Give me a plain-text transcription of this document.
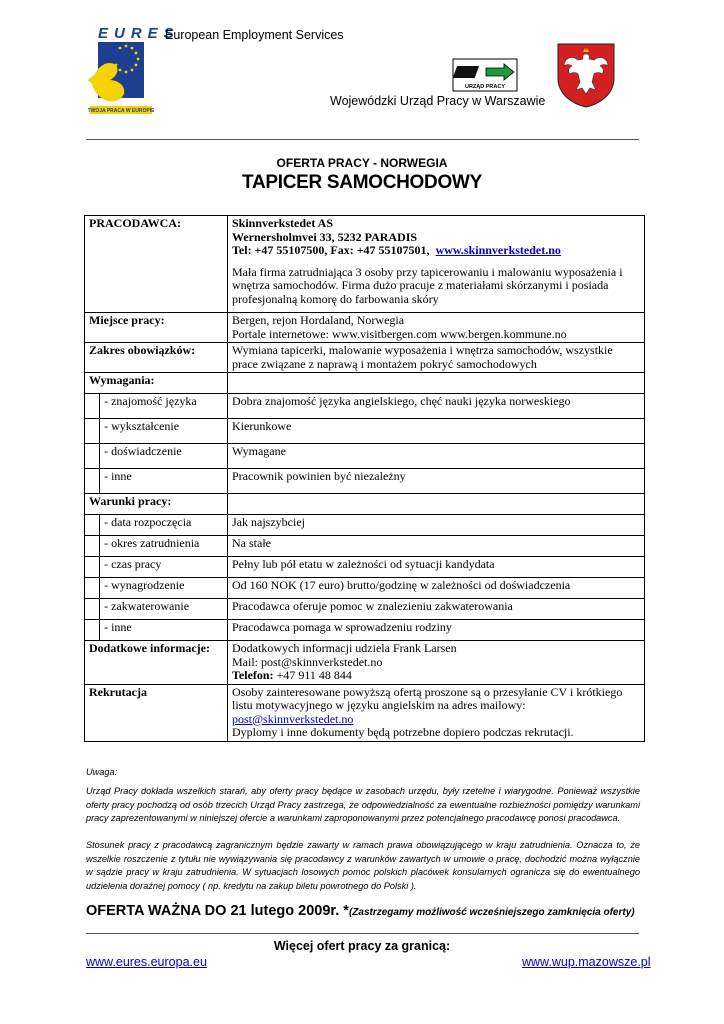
TWOJA PRACA W EUROPIE
EURES
European Employment Services
URZĄD PRACY
Wojewódzki Urząd Pracy w Warszawie
OFERTA PRACY - NORWEGIA
TAPICER SAMOCHODOWY
PRACODAWCA:		Skinnverkstedet AS
Wernersholmvei 33, 5232 PARADIS
Tel: +47 55107500, Fax: +47 55107501, www.skinnverkstedet.no
Mała firma zatrudniająca 3 osoby przy tapicerowaniu i malowaniu wyposażenia i wnętrza samochodów. Firma dużo pracuje z materiałami skórzanymi i posiada profesjonalną komorę do farbowania skóry

Miejsce pracy:		Bergen, rejon Hordaland, Norwegia
Portale internetowe: www.visitbergen.com www.bergen.kommune.no

Zakres obowiązków:		Wymiana tapicerki, malowanie wyposażenia i wnętrza samochodów, wszystkie prace związane z naprawą i montażem pokryć samochodowych
Wymagania:		
	- znajomość języka	Dobra znajomość języka angielskiego, chęć nauki języka norweskiego
	- wykształcenie	Kierunkowe
	- doświadczenie	Wymagane
	- inne	Pracownik powinien być niezależny
Warunki pracy:		
	- data rozpoczęcia	Jak najszybciej
	- okres zatrudnienia	Na stałe
	- czas pracy	Pełny lub pół etatu w zależności od sytuacji kandydata
	- wynagrodzenie	Od 160 NOK (17 euro) brutto/godzinę w zależności od doświadczenia
	- zakwaterowanie	Pracodawca oferuje pomoc w znalezieniu zakwaterowania
	- inne	Pracodawca pomaga w sprowadzeniu rodziny
Dodatkowe informacje:		Dodatkowych informacji udziela Frank Larsen
Mail: post@skinnverkstedet.no
Telefon: +47 911 48 844

Rekrutacja		Osoby zainteresowane powyższą ofertą proszone są o przesyłanie CV i krótkiego listu motywacyjnego w języku angielskim na adres mailowy:
post@skinnverkstedet.no
Dyplomy i inne dokumenty będą potrzebne dopiero podczas rekrutacji.
Uwaga:
Urząd Pracy dokłada wszelkich starań, aby oferty pracy będące w zasobach urzędu, były rzetelne i wiarygodne. Ponieważ wszystkie oferty pracy pochodzą od osób trzecich Urząd Pracy zastrzega, że odpowiedzialność za ewentualne rozbieżności pomiędzy warunkami pracy zaprezentowanymi w niniejszej ofercie a warunkami zaproponowanymi przez potencjalnego pracodawcę ponosi pracodawca.
Stosunek pracy z pracodawcą zagranicznym będzie zawarty w ramach prawa obowiązującego w kraju zatrudnienia. Oznacza to, że wszelkie roszczenie z tytułu nie wywiązywania się pracodawcy z warunków zawartych w umowie o pracę, dochodzić można wyłącznie w sądzie pracy w kraju zatrudnienia. W sytuacjach losowych pomoc polskich placówek konsularnych ogranicza się do ewentualnego udzielenia doraźnej pomocy ( np. kredytu na zakup biletu powrotnego do Polski ).
OFERTA WAŻNA DO 21 lutego 2009r. *(Zastrzegamy możliwość wcześniejszego zamknięcia oferty)
Więcej ofert pracy za granicą:
www.eures.europa.eu	www.wup.mazowsze.pl
